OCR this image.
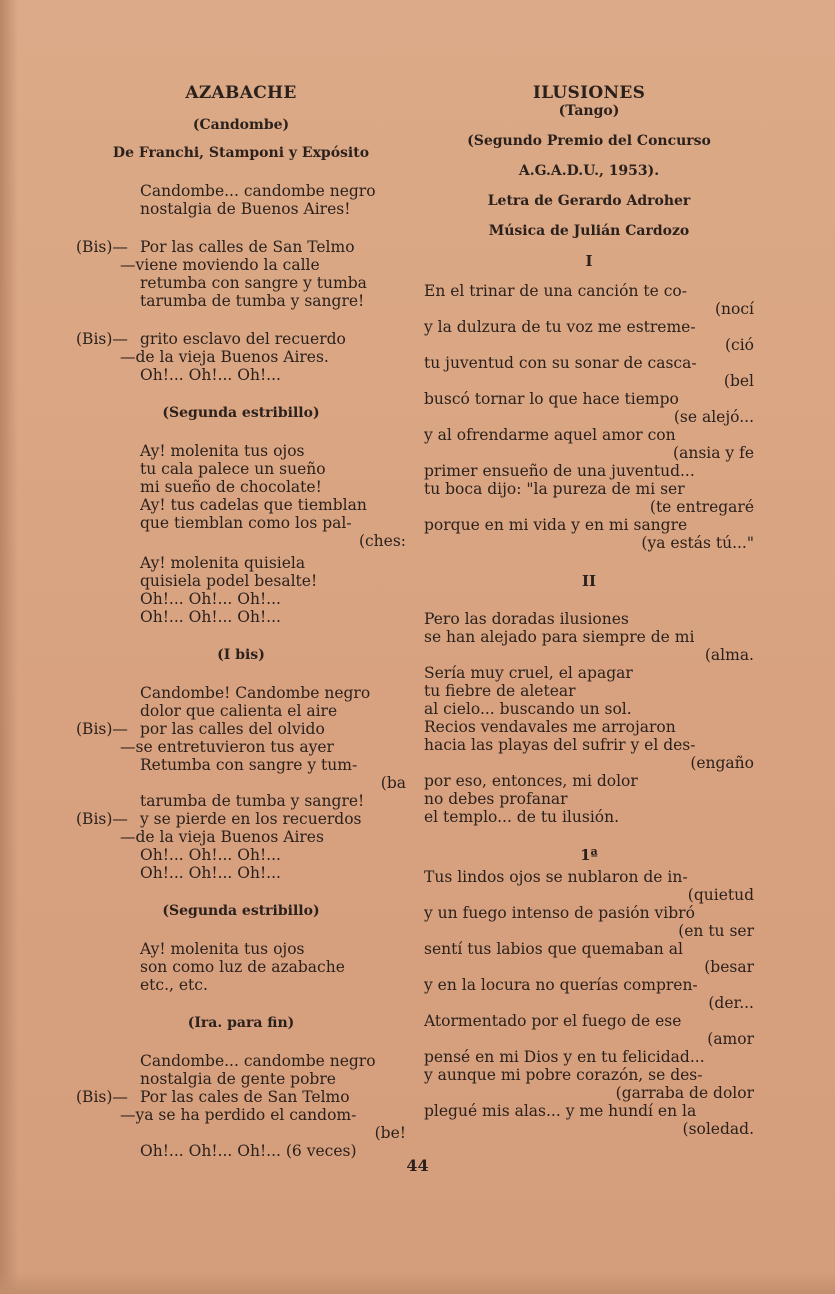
AZABACHE
(Candombe)
De Franchi, Stamponi y Expósito
Candombe... candombe negro
nostalgia de Buenos Aires!
(Bis)— Por las calles de San Telmo
—viene moviendo la calle
retumba con sangre y tumba
tarumba de tumba y sangre!
(Bis)— grito esclavo del recuerdo
—de la vieja Buenos Aires.
Oh!... Oh!... Oh!...
(Segunda estribillo)
Ay! molenita tus ojos
tu cala palece un sueño
mi sueño de chocolate!
Ay! tus cadelas que tiemblan
que tiemblan como los pal-
(ches:
Ay! molenita quisiela
quisiela podel besalte!
Oh!... Oh!... Oh!...
Oh!... Oh!... Oh!...
(I bis)
Candombe! Candombe negro
dolor que calienta el aire
(Bis)— por las calles del olvido
—se entretuvieron tus ayer
Retumba con sangre y tum-
(ba
tarumba de tumba y sangre!
(Bis)— y se pierde en los recuerdos
—de la vieja Buenos Aires
Oh!... Oh!... Oh!...
Oh!... Oh!... Oh!...
(Segunda estribillo)
Ay! molenita tus ojos
son como luz de azabache
etc., etc.
(Ira. para fin)
Candombe... candombe negro
nostalgia de gente pobre
(Bis)— Por las cales de San Telmo
—ya se ha perdido el candom-
(be!
Oh!... Oh!... Oh!... (6 veces)
ILUSIONES
(Tango)
(Segundo Premio del Concurso
A.G.A.D.U., 1953).
Letra de Gerardo Adroher
Música de Julián Cardozo
I
En el trinar de una canción te co-
(nocí
y la dulzura de tu voz me estreme-
(ció
tu juventud con su sonar de casca-
(bel
buscó tornar lo que hace tiempo
(se alejó...
y al ofrendarme aquel amor con
(ansia y fe
primer ensueño de una juventud...
tu boca dijo: "la pureza de mi ser
(te entregaré
porque en mi vida y en mi sangre
(ya estás tú..."
II
Pero las doradas ilusiones
se han alejado para siempre de mi
(alma.
Sería muy cruel, el apagar
tu fiebre de aletear
al cielo... buscando un sol.
Recios vendavales me arrojaron
hacia las playas del sufrir y el des-
(engaño
por eso, entonces, mi dolor
no debes profanar
el templo... de tu ilusión.
1ª
Tus lindos ojos se nublaron de in-
(quietud
y un fuego intenso de pasión vibró
(en tu ser
sentí tus labios que quemaban al
(besar
y en la locura no querías compren-
(der...
Atormentado por el fuego de ese
(amor
pensé en mi Dios y en tu felicidad...
y aunque mi pobre corazón, se des-
(garraba de dolor
plegué mis alas... y me hundí en la
(soledad.
44
